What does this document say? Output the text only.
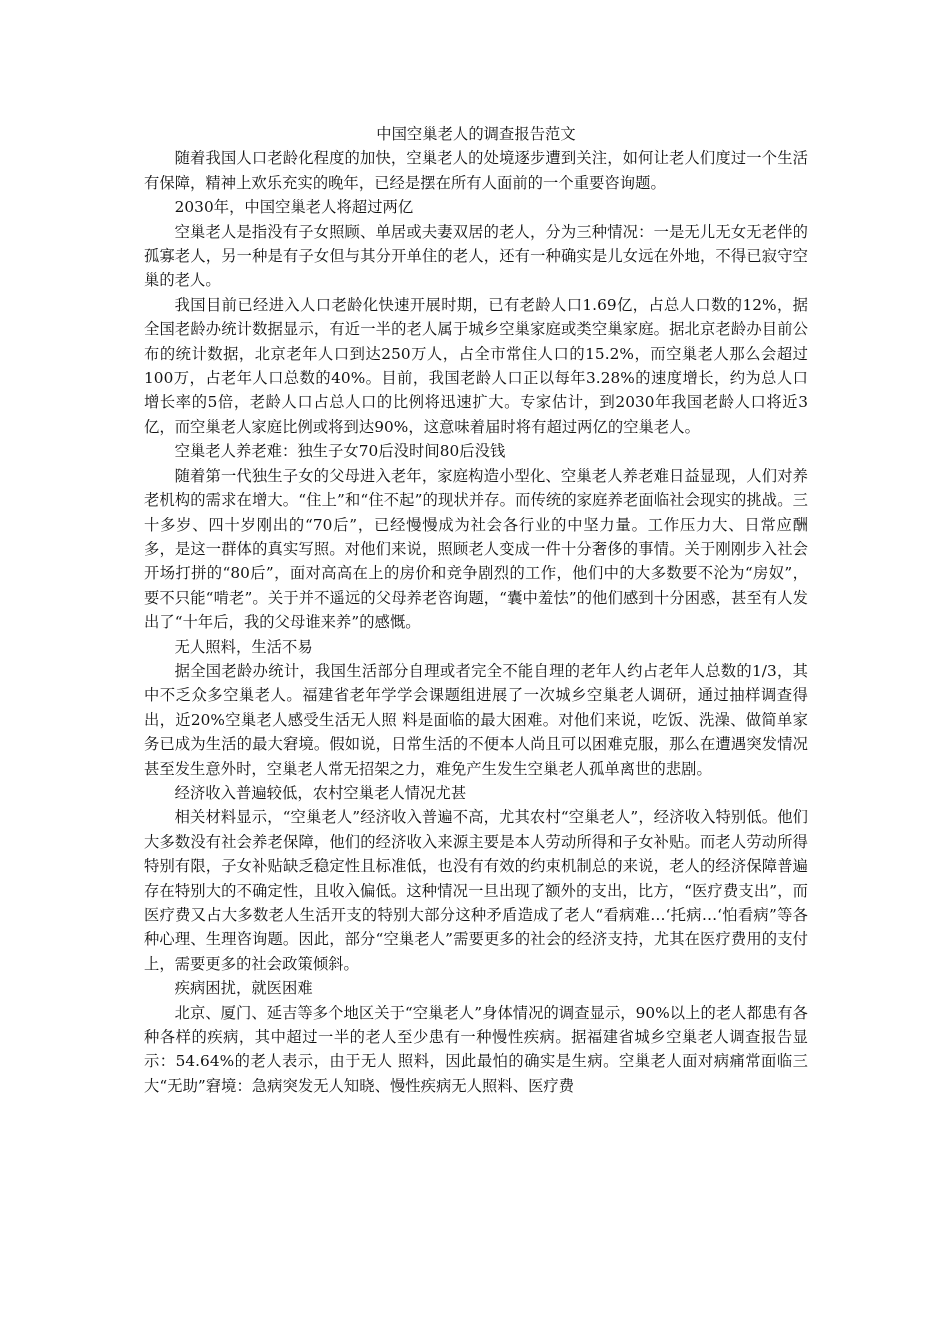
中国空巢老人的调查报告范文

随着我国人口老龄化程度的加快，空巢老人的处境逐步遭到关注，如何让老人们度过一个生活有保障，精神上欢乐充实的晚年，已经是摆在所有人面前的一个重要咨询题。

2030年，中国空巢老人将超过两亿

空巢老人是指没有子女照顾、单居或夫妻双居的老人，分为三种情况：一是无儿无女无老伴的孤寡老人，另一种是有子女但与其分开单住的老人，还有一种确实是儿女远在外地，不得已寂守空巢的老人。

我国目前已经进入人口老龄化快速开展时期，已有老龄人口1.69亿，占总人口数的12%，据全国老龄办统计数据显示，有近一半的老人属于城乡空巢家庭或类空巢家庭。据北京老龄办目前公布的统计数据，北京老年人口到达250万人，占全市常住人口的15.2%，而空巢老人那么会超过100万，占老年人口总数的40%。目前，我国老龄人口正以每年3.28%的速度增长，约为总人口增长率的5倍，老龄人口占总人口的比例将迅速扩大。专家估计，到2030年我国老龄人口将近3亿，而空巢老人家庭比例或将到达90%，这意味着届时将有超过两亿的空巢老人。

空巢老人养老难：独生子女70后没时间80后没钱

随着第一代独生子女的父母进入老年，家庭构造小型化、空巢老人养老难日益显现，人们对养老机构的需求在增大。“住上”和“住不起”的现状并存。而传统的家庭养老面临社会现实的挑战。三十多岁、四十岁刚出的“70后”，已经慢慢成为社会各行业的中坚力量。工作压力大、日常应酬多，是这一群体的真实写照。对他们来说，照顾老人变成一件十分奢侈的事情。关于刚刚步入社会开场打拼的“80后”，面对高高在上的房价和竞争剧烈的工作，他们中的大多数要不沦为“房奴”，要不只能“啃老”。关于并不遥远的父母养老咨询题，“囊中羞怯”的他们感到十分困惑，甚至有人发出了“十年后，我的父母谁来养”的感慨。

无人照料，生活不易

据全国老龄办统计，我国生活部分自理或者完全不能自理的老年人约占老年人总数的1/3，其中不乏众多空巢老人。福建省老年学学会课题组进展了一次城乡空巢老人调研，通过抽样调查得出，近20%空巢老人感受生活无人照 料是面临的最大困难。对他们来说，吃饭、洗澡、做简单家务已成为生活的最大窘境。假如说，日常生活的不便本人尚且可以困难克服，那么在遭遇突发情况甚至发生意外时，空巢老人常无招架之力，难免产生发生空巢老人孤单离世的悲剧。

经济收入普遍较低，农村空巢老人情况尤甚

相关材料显示，“空巢老人”经济收入普遍不高，尤其农村“空巢老人”，经济收入特别低。他们大多数没有社会养老保障，他们的经济收入来源主要是本人劳动所得和子女补贴。而老人劳动所得特别有限，子女补贴缺乏稳定性且标准低，也没有有效的约束机制总的来说，老人的经济保障普遍存在特别大的不确定性，且收入偏低。这种情况一旦出现了额外的支出，比方，“医疗费支出”，而医疗费又占大多数老人生活开支的特别大部分这种矛盾造成了老人“看病难…‘托病…‘怕看病”等各种心理、生理咨询题。因此，部分“空巢老人”需要更多的社会的经济支持，尤其在医疗费用的支付上，需要更多的社会政策倾斜。

疾病困扰，就医困难

北京、厦门、延吉等多个地区关于“空巢老人”身体情况的调查显示，90%以上的老人都患有各种各样的疾病，其中超过一半的老人至少患有一种慢性疾病。据福建省城乡空巢老人调查报告显示：54.64%的老人表示，由于无人 照料，因此最怕的确实是生病。空巢老人面对病痛常面临三大“无助”窘境：急病突发无人知晓、慢性疾病无人照料、医疗费
